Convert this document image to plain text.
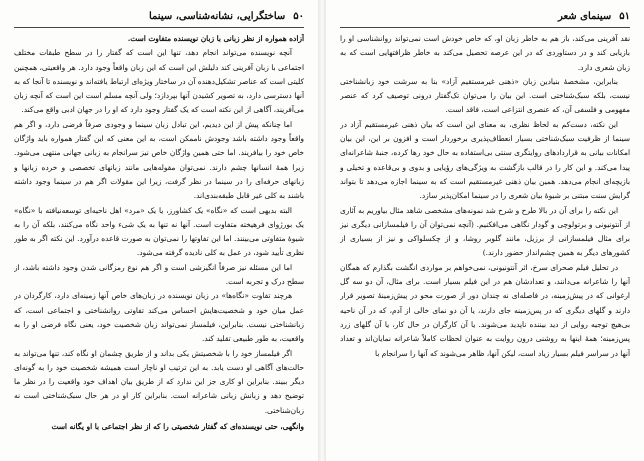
۵۰
ساختگرایی، نشانه‌شناسی، سینما

آزاده همواره از نظر زبانی با زبان نویسنده متفاوت است.

آنچه نویسنده می‌تواند انجام دهد، تنها این است که گفتار را در سطح طبقات مختلف اجتماعی با زبان آفرینی کند دلیلش این است که این زبان واقعاً وجود دارد. هر واقعیتی، همچنین کلیتی است که عناصر تشکیل‌دهنده آن در ساختار ویژه‌ای ارتباط یافته‌اند و نویسنده تا آنجا که به آنها دسترسی دارد، به تصویر کشیدن آنها بپردازد؛ ولی آنچه مسلم است این است که آنچه زبان می‌آفریند، آگاهی از این نکته است که یک گفتار وجود دارد که او را در جهان ادبی واقع می‌کند.

اما چنانکه پیش از این دیدیم، این تبادل زبان سینما و وجودی صرفاً فرضی دارد، و اگر هم واقعاً وجود داشته باشد وجودش ناممکن است، به این معنی که این گفتار همواره باید واژگان خاص خود را بیافریند. اما حتی همین واژگان خاص نیز سرانجام به زبانی جهانی منتهی می‌شود. زیرا همهٔ انسانها چشم دارند. نمی‌توان مقوله‌هایی مانند زبانهای تخصصی و خرده زبانها و زبانهای حرفه‌ای را در سینما در نظر گرفت، زیرا این مقولات اگر هم در سینما وجود داشته باشند به کلی غیر قابل طبقه‌بندی‌اند.

البته بدیهی است که «نگاه» یک کشاورز، یا یک «مرد» اهل ناحیه‌ای توسعه‌نیافته با «نگاه» یک بورژوای فرهیخته متفاوت است. آنها نه تنها به یک شیء واحد نگاه می‌کنند، بلکه آن را به شیوهٔ متفاوتی می‌بینند. اما این تفاوتها را نمی‌توان به صورت قاعده درآورد. این نکته اگر به طور نظری تأیید شود، در عمل به کلی نادیده گرفته می‌شود.

اما این مسئله نیز صرفاً انگیزشی است و اگر هم نوع رمزگانی شدن وجود داشته باشد، از سطح درک و تجربه است.

هرچند تفاوت «نگاه‌ها» در زبان نویسنده در زبان‌های خاص آنها زمینه‌ای دارد، کارگردان در عمل میان خود و شخصیت‌هایش احساس می‌کند تفاوتی روانشناختی و اجتماعی است، که زبانشناختی نیست. بنابراین، فیلمساز نمی‌تواند زبان شخصیت خود، یعنی نگاه فرضی او را به واقعیت، به طور طبیعی تقلید کند.

اگر فیلمساز خود را با شخصیتش یکی بداند و از طریق چشمان او نگاه کند، تنها می‌تواند به حالت‌های آگاهی او دست یابد. به این ترتیب او ناچار است همیشه شخصیت خود را به گونه‌ای دیگر ببیند. بنابراین او کاری جز این ندارد که از طریق بیان اهداف خود واقعیت را در نظر ما توضیح دهد و زبانش زبانی شاعرانه است. بنابراین کار او در هر حال سبک‌شناختی است نه زبان‌شناختی.

وانگهی، حتی نویسنده‌ای که گفتار شخصیتی را که از نظر اجتماعی با او یگانه است

۵۱
سینمای شعر

نقد آفرینی می‌کند، باز هم به خاطر زبان او، که خاص خودش است نمی‌تواند روانشناسی او را بازیابی کند و در دستاوردی که در این عرصه تحصیل می‌کند به خاطر ظرافتهایی است که به زبان شعری دارد.

بنابراین، مشخصهٔ بنیادین زبان «ذهنی غیرمستقیم آزاد» بنا به سرشت خود زبانشناختی نیست، بلکه سبک‌شناختی است. این بیان را می‌توان تک‌گفتار درونی توصیف کرد که عنصر مفهومی و فلسفی آن، که عنصری انتزاعی است، فاقد است.

این نکته، دست‌کم به لحاظ نظری، به معنای این است که بیان ذهنی غیرمستقیم آزاد در سینما از ظرفیت سبک‌شناختی بسیار انعطاف‌پذیری برخوردار است و افزون بر این، این بیان امکانات بیانی به قراردادهای روایتگری سنتی بی‌استفاده به حال خود رها کرده، جنبهٔ شاعرانه‌ای پیدا می‌کند. و این کار را در قالب بازگشت به ویژگی‌های رؤیایی و بدوی و بی‌قاعده و تخیلی و بازیچه‌ای انجام می‌دهد. همین بیان ذهنی غیرمستقیم است که به سینما اجازه می‌دهد تا بتواند گرایش سنت مبتنی بر شیوهٔ بیان شعری را در سینما امکان‌پذیر سازد.

این نکته را برای آن در بالا طرح و شرح شد نمونه‌های مشخصی شاهد مثال بیاوریم به آثاری از آنتونیونی و برتولوچی و گودار نگاهی می‌افکنیم. (آنچه نمی‌توان آن را فیلمسازانی دیگری نیز برای مثال فیلمسازانی از برزیل، مانند گلوبر روشا، و از چکسلواکی و نیز از بسیاری از کشورهای دیگر به همین چشم‌انداز حضور دارند.)

در تحلیل فیلم صحرای سرخ، اثر آنتونیونی، نمی‌خواهم بر مواردی انگشت بگذارم که همگان آنها را شاعرانه می‌دانند، و تعدادشان هم در این فیلم بسیار است. برای مثال، آن دو سه گل ارغوانی که در پیش‌زمینه، در فاصله‌ای نه چندان دور از صورت محو در پیش‌زمینهٔ تصویر قرار دارند و گلهای دیگری که در پس‌زمینه جای دارند، یا آن دو نمای خالی از آدم، که در آن ناحیه بی‌هیچ توجیه روایی از دید بیننده ناپدید می‌شوند. یا آن کارگران در حال کار، یا آن گلهای زرد پس‌زمینه؛ همهٔ اینها به روشنی درون روایت به عنوان لحظات کاملاً شاعرانه نمایان‌اند و تعداد آنها در سراسر فیلم بسیار زیاد است، لیکن آنها، ظاهر می‌شوند که آنها را سرانجام با
